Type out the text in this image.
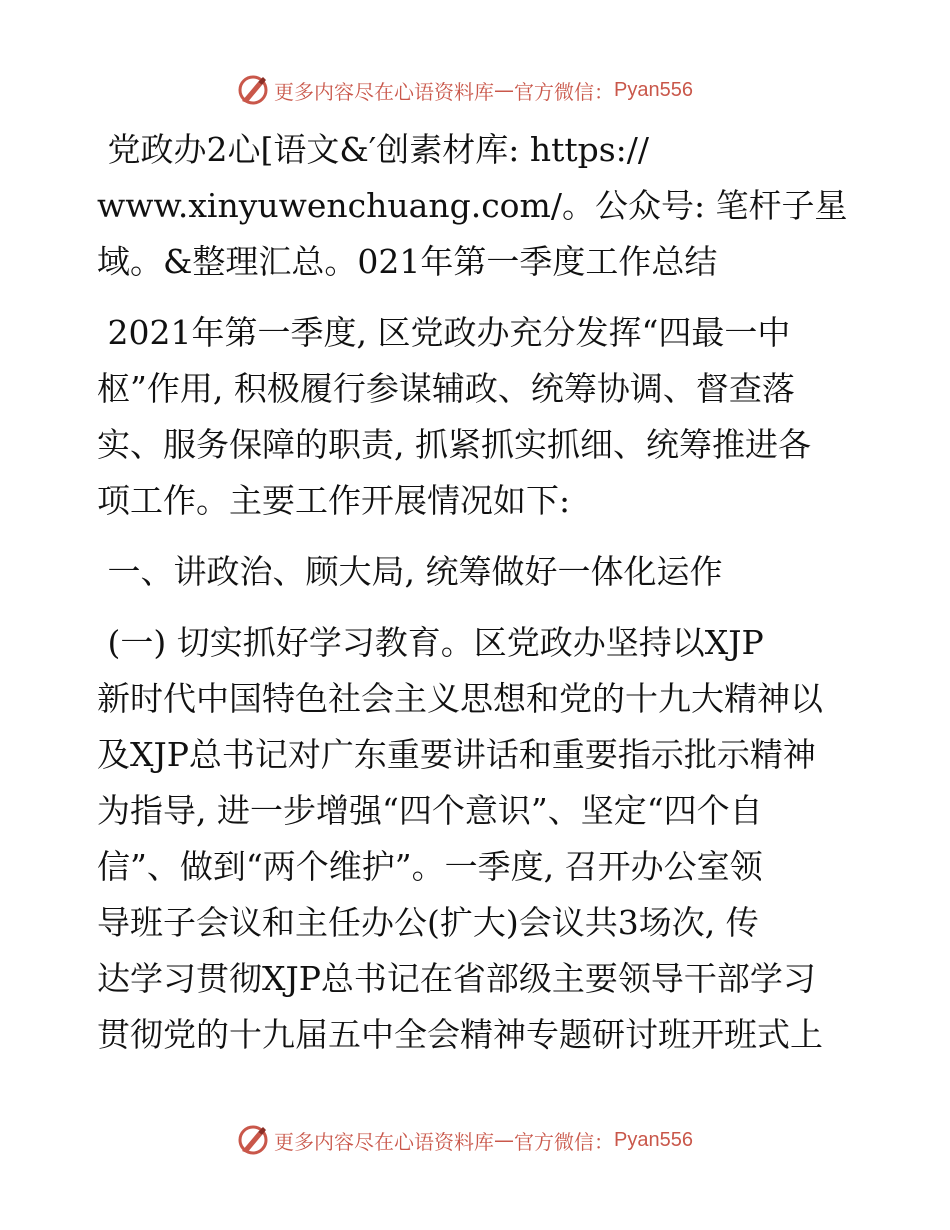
更多内容尽在心语资料库 — 官方微信： Pyan556

党政办2心[语文&′创素材库: https://

www.xinyuwenchuang.com/。公众号: 笔杆子星

域。&整理汇总。021年第一季度工作总结

2021年第一季度, 区党政办充分发挥“四最一中

枢”作用, 积极履行参谋辅政、统筹协调、督查落

实、服务保障的职责, 抓紧抓实抓细、统筹推进各

项工作。主要工作开展情况如下:

一、讲政治、顾大局, 统筹做好一体化运作

(一) 切实抓好学习教育。区党政办坚持以XJP

新时代中国特色社会主义思想和党的十九大精神以

及XJP总书记对广东重要讲话和重要指示批示精神

为指导, 进一步增强“四个意识”、坚定“四个自

信”、做到“两个维护”。一季度, 召开办公室领

导班子会议和主任办公(扩大)会议共3场次, 传

达学习贯彻XJP总书记在省部级主要领导干部学习

贯彻党的十九届五中全会精神专题研讨班开班式上

更多内容尽在心语资料库 — 官方微信： Pyan556
